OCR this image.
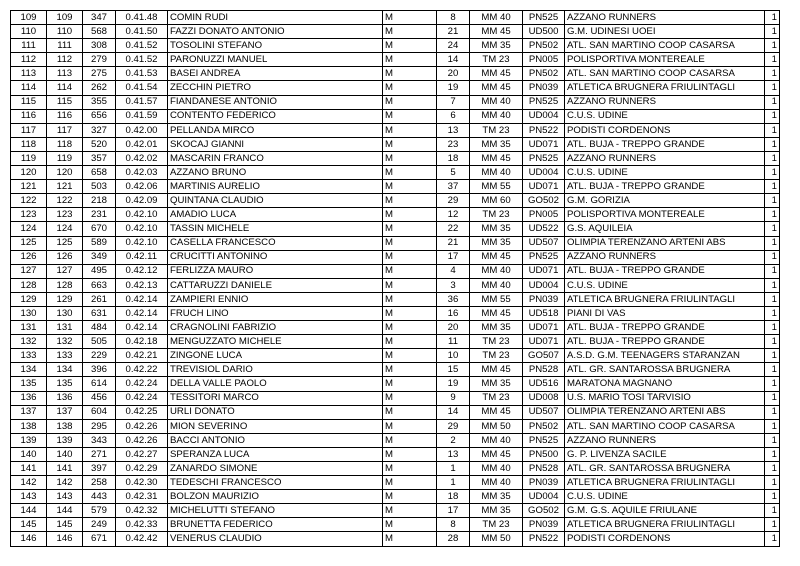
109	109	347	0.41.48	COMIN RUDI	M	8	MM 40	PN525	AZZANO RUNNERS	1
110	110	568	0.41.50	FAZZI DONATO ANTONIO	M	21	MM 45	UD500	G.M. UDINESI UOEI	1
111	111	308	0.41.52	TOSOLINI STEFANO	M	24	MM 35	PN502	ATL. SAN MARTINO COOP CASARSA	1
112	112	279	0.41.52	PARONUZZI MANUEL	M	14	TM 23	PN005	POLISPORTIVA MONTEREALE	1
113	113	275	0.41.53	BASEI ANDREA	M	20	MM 45	PN502	ATL. SAN MARTINO COOP CASARSA	1
114	114	262	0.41.54	ZECCHIN PIETRO	M	19	MM 45	PN039	ATLETICA BRUGNERA FRIULINTAGLI	1
115	115	355	0.41.57	FIANDANESE ANTONIO	M	7	MM 40	PN525	AZZANO RUNNERS	1
116	116	656	0.41.59	CONTENTO FEDERICO	M	6	MM 40	UD004	C.U.S. UDINE	1
117	117	327	0.42.00	PELLANDA MIRCO	M	13	TM 23	PN522	PODISTI CORDENONS	1
118	118	520	0.42.01	SKOCAJ GIANNI	M	23	MM 35	UD071	ATL. BUJA - TREPPO GRANDE	1
119	119	357	0.42.02	MASCARIN FRANCO	M	18	MM 45	PN525	AZZANO RUNNERS	1
120	120	658	0.42.03	AZZANO BRUNO	M	5	MM 40	UD004	C.U.S. UDINE	1
121	121	503	0.42.06	MARTINIS AURELIO	M	37	MM 55	UD071	ATL. BUJA - TREPPO GRANDE	1
122	122	218	0.42.09	QUINTANA CLAUDIO	M	29	MM 60	GO502	G.M. GORIZIA	1
123	123	231	0.42.10	AMADIO LUCA	M	12	TM 23	PN005	POLISPORTIVA MONTEREALE	1
124	124	670	0.42.10	TASSIN MICHELE	M	22	MM 35	UD522	G.S. AQUILEIA	1
125	125	589	0.42.10	CASELLA FRANCESCO	M	21	MM 35	UD507	OLIMPIA TERENZANO ARTENI ABS	1
126	126	349	0.42.11	CRUCITTI ANTONINO	M	17	MM 45	PN525	AZZANO RUNNERS	1
127	127	495	0.42.12	FERLIZZA MAURO	M	4	MM 40	UD071	ATL. BUJA - TREPPO GRANDE	1
128	128	663	0.42.13	CATTARUZZI DANIELE	M	3	MM 40	UD004	C.U.S. UDINE	1
129	129	261	0.42.14	ZAMPIERI ENNIO	M	36	MM 55	PN039	ATLETICA BRUGNERA FRIULINTAGLI	1
130	130	631	0.42.14	FRUCH LINO	M	16	MM 45	UD518	PIANI DI VAS	1
131	131	484	0.42.14	CRAGNOLINI FABRIZIO	M	20	MM 35	UD071	ATL. BUJA - TREPPO GRANDE	1
132	132	505	0.42.18	MENGUZZATO MICHELE	M	11	TM 23	UD071	ATL. BUJA - TREPPO GRANDE	1
133	133	229	0.42.21	ZINGONE LUCA	M	10	TM 23	GO507	A.S.D. G.M. TEENAGERS STARANZAN	1
134	134	396	0.42.22	TREVISIOL DARIO	M	15	MM 45	PN528	ATL. GR. SANTAROSSA BRUGNERA	1
135	135	614	0.42.24	DELLA VALLE PAOLO	M	19	MM 35	UD516	MARATONA MAGNANO	1
136	136	456	0.42.24	TESSITORI MARCO	M	9	TM 23	UD008	U.S. MARIO TOSI TARVISIO	1
137	137	604	0.42.25	URLI DONATO	M	14	MM 45	UD507	OLIMPIA TERENZANO ARTENI ABS	1
138	138	295	0.42.26	MION SEVERINO	M	29	MM 50	PN502	ATL. SAN MARTINO COOP CASARSA	1
139	139	343	0.42.26	BACCI ANTONIO	M	2	MM 40	PN525	AZZANO RUNNERS	1
140	140	271	0.42.27	SPERANZA LUCA	M	13	MM 45	PN500	G. P. LIVENZA SACILE	1
141	141	397	0.42.29	ZANARDO SIMONE	M	1	MM 40	PN528	ATL. GR. SANTAROSSA BRUGNERA	1
142	142	258	0.42.30	TEDESCHI FRANCESCO	M	1	MM 40	PN039	ATLETICA BRUGNERA FRIULINTAGLI	1
143	143	443	0.42.31	BOLZON MAURIZIO	M	18	MM 35	UD004	C.U.S. UDINE	1
144	144	579	0.42.32	MICHELUTTI STEFANO	M	17	MM 35	GO502	G.M. G.S. AQUILE FRIULANE	1
145	145	249	0.42.33	BRUNETTA FEDERICO	M	8	TM 23	PN039	ATLETICA BRUGNERA FRIULINTAGLI	1
146	146	671	0.42.42	VENERUS CLAUDIO	M	28	MM 50	PN522	PODISTI CORDENONS	1
